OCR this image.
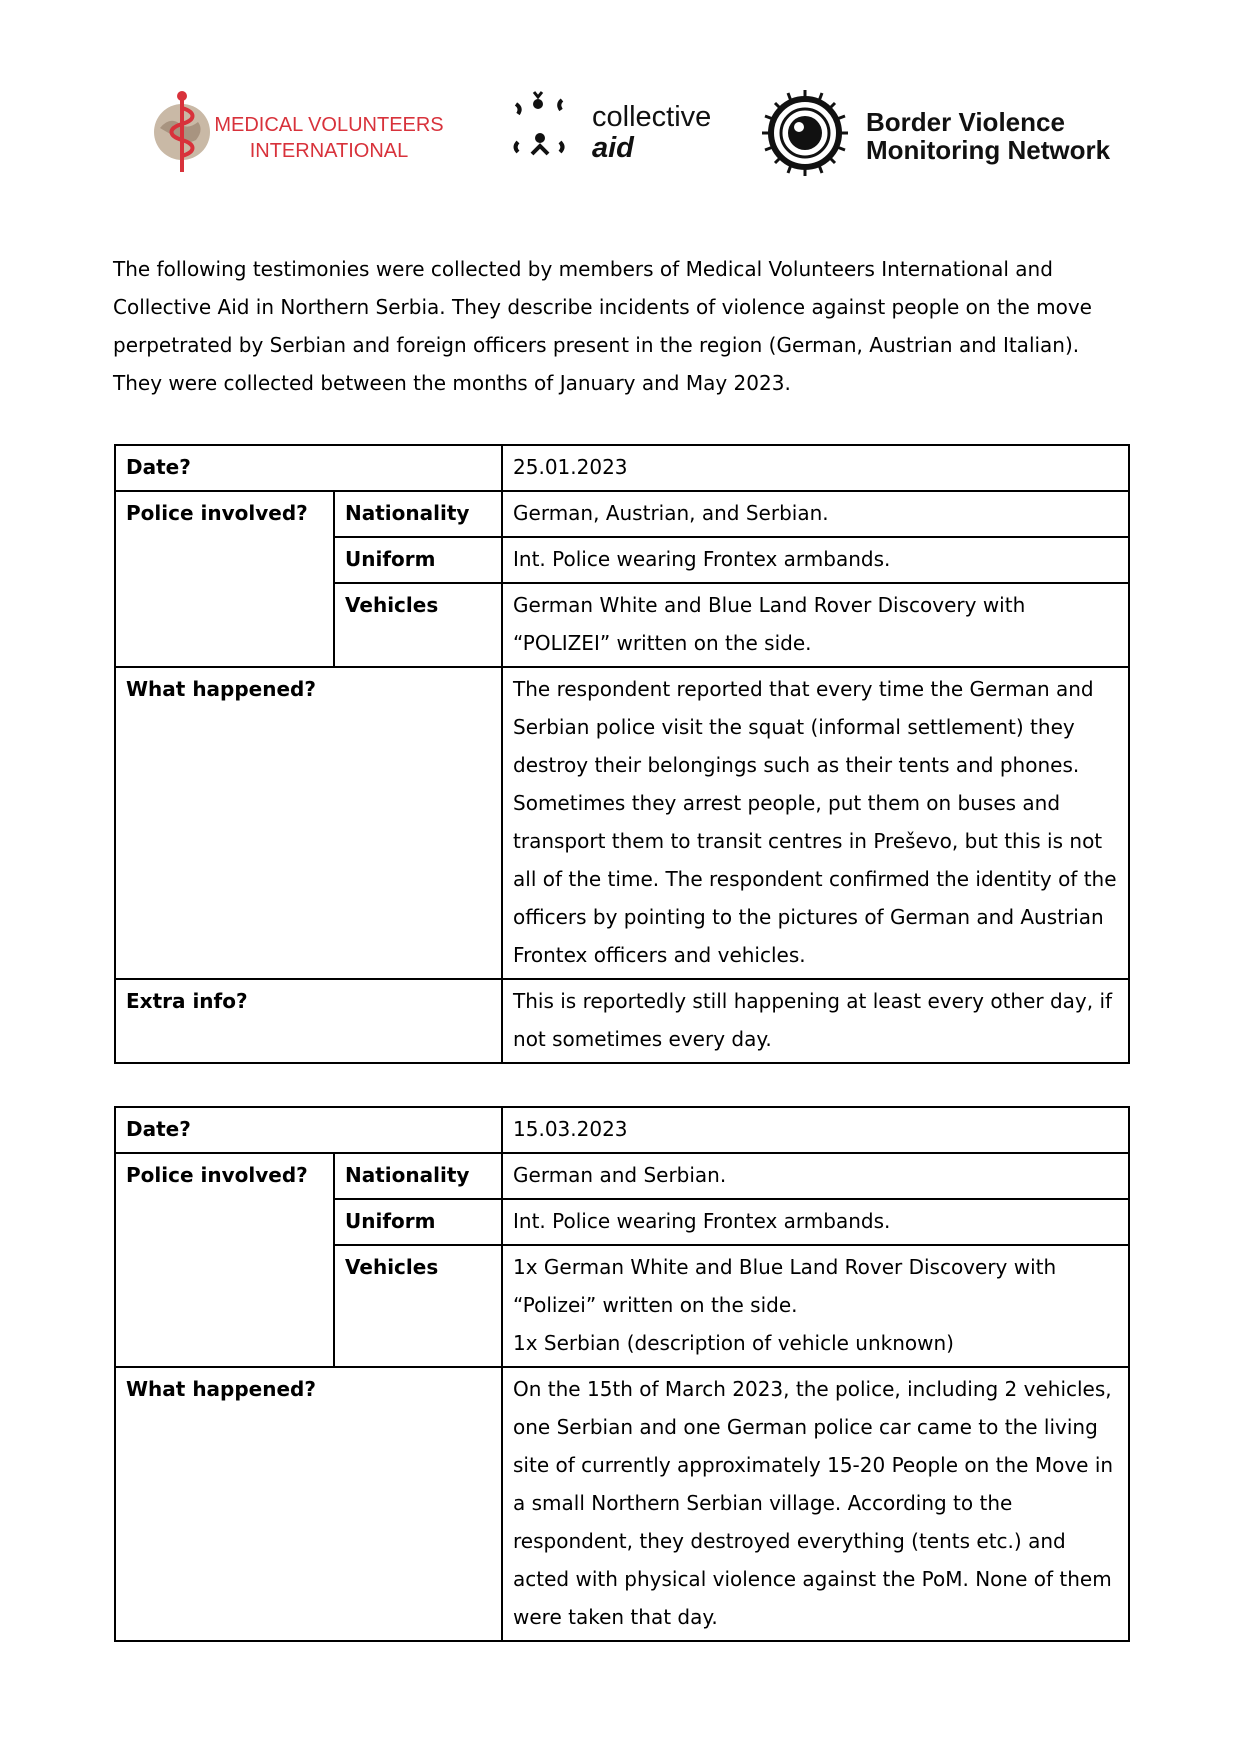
MEDICAL VOLUNTEERS
INTERNATIONAL
collective
aid
Border Violence
Monitoring Network

The following testimonies were collected by members of Medical Volunteers International and Collective Aid in Northern Serbia. They describe incidents of violence against people on the move perpetrated by Serbian and foreign officers present in the region (German, Austrian and Italian). They were collected between the months of January and May 2023.

Date?		25.01.2023
Police involved?	Nationality	German, Austrian, and Serbian.
	Uniform	Int. Police wearing Frontex armbands.
	Vehicles	German White and Blue Land Rover Discovery with “POLIZEI” written on the side.

What happened?		The respondent reported that every time the German and Serbian police visit the squat (informal settlement) they destroy their belongings such as their tents and phones. Sometimes they arrest people, put them on buses and transport them to transit centres in Preševo, but this is not all of the time. The respondent confirmed the identity of the officers by pointing to the pictures of German and Austrian Frontex officers and vehicles.
Extra info?		This is reportedly still happening at least every other day, if not sometimes every day.
Date?		15.03.2023
Police involved?	Nationality	German and Serbian.
	Uniform	Int. Police wearing Frontex armbands.
	Vehicles	1x German White and Blue Land Rover Discovery with “Polizei” written on the side.
1x Serbian (description of vehicle unknown)

What happened?		On the 15th of March 2023, the police, including 2 vehicles, one Serbian and one German police car came to the living site of currently approximately 15-20 People on the Move in a small Northern Serbian village. According to the respondent, they destroyed everything (tents etc.) and acted with physical violence against the PoM. None of them were taken that day.
